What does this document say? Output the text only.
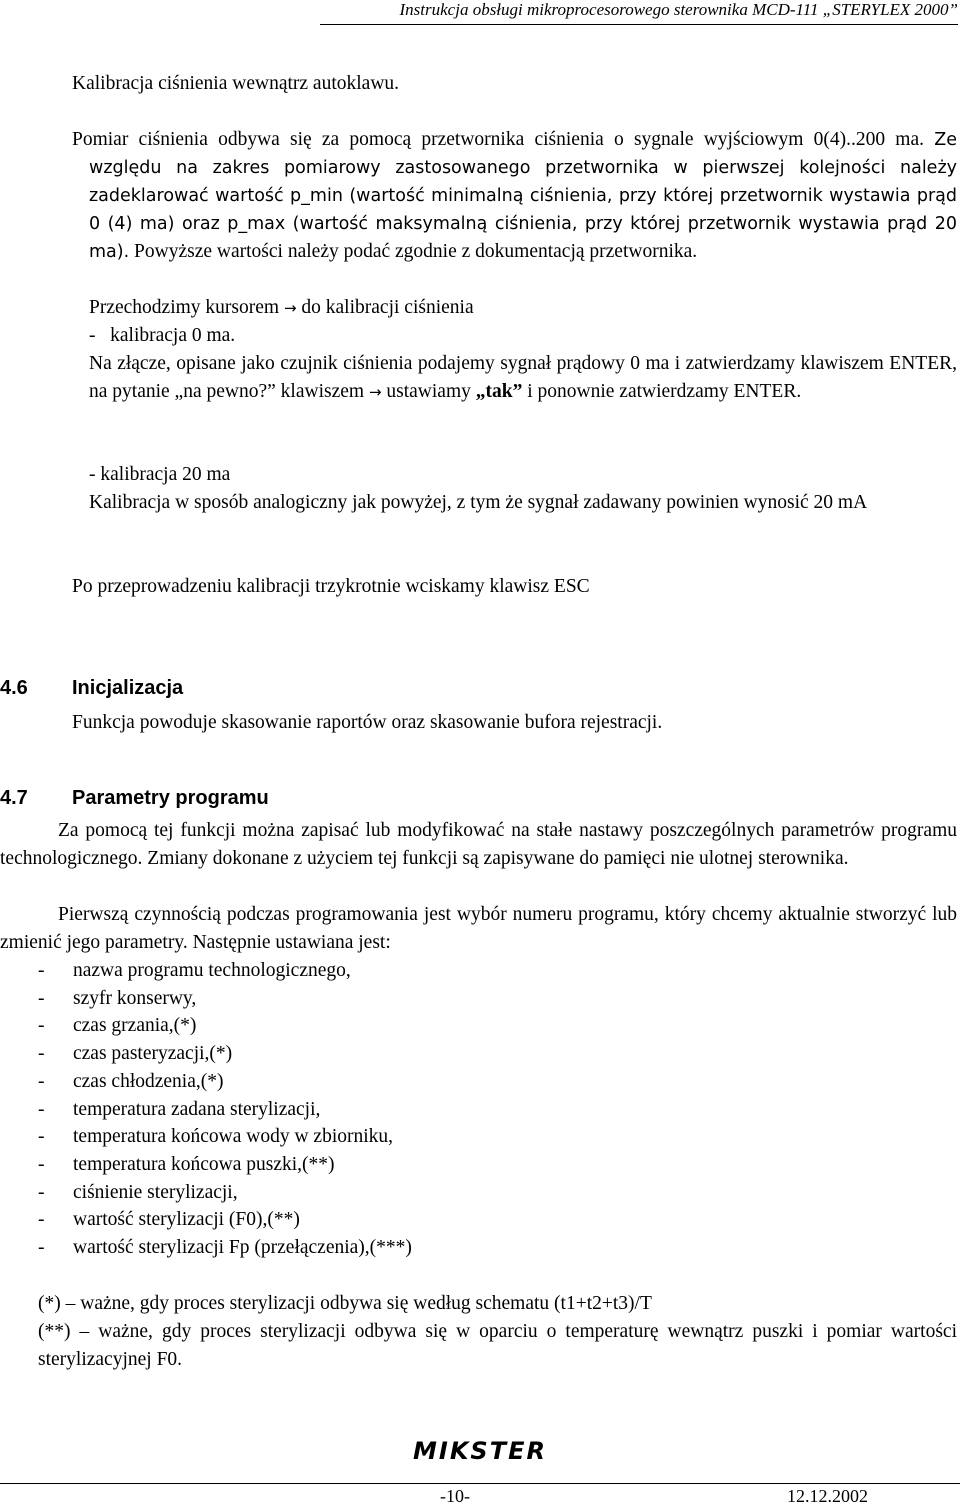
Instrukcja obsługi mikroprocesorowego sterownika MCD-111 „STERYLEX 2000”
Kalibracja ciśnienia wewnątrz autoklawu.
Pomiar ciśnienia odbywa się za pomocą przetwornika ciśnienia o sygnale wyjściowym 0(4)..200 ma. Ze względu na zakres pomiarowy zastosowanego przetwornika w pierwszej kolejności należy zadeklarować wartość p_min (wartość minimalną ciśnienia, przy której przetwornik wystawia prąd 0 (4) ma) oraz p_max (wartość maksymalną ciśnienia, przy której przetwornik wystawia prąd 20 ma). Powyższe wartości należy podać zgodnie z dokumentacją przetwornika.
Przechodzimy kursorem → do kalibracji ciśnienia
-   kalibracja 0 ma.
Na złącze, opisane jako czujnik ciśnienia podajemy sygnał prądowy 0 ma i zatwierdzamy klawiszem ENTER, na pytanie „na pewno?” klawiszem → ustawiamy „tak” i ponownie zatwierdzamy ENTER.
- kalibracja 20 ma
Kalibracja w sposób analogiczny jak powyżej, z tym że sygnał zadawany powinien wynosić 20 mA
Po przeprowadzeniu kalibracji trzykrotnie wciskamy klawisz ESC
4.6 Inicjalizacja
Funkcja powoduje skasowanie raportów oraz skasowanie bufora rejestracji.
4.7 Parametry programu
Za pomocą tej funkcji można zapisać lub modyfikować na stałe nastawy poszczególnych parametrów programu technologicznego. Zmiany dokonane z użyciem tej funkcji są zapisywane do pamięci nie ulotnej sterownika.
Pierwszą czynnością podczas programowania jest wybór numeru programu, który chcemy aktualnie stworzyć lub zmienić jego parametry. Następnie ustawiana jest:
-	nazwa programu technologicznego,
-	szyfr konserwy,
-	czas grzania,(*)
-	czas pasteryzacji,(*)
-	czas chłodzenia,(*)
-	temperatura zadana sterylizacji,
-	temperatura końcowa wody w zbiorniku,
-	temperatura końcowa puszki,(**)
-	ciśnienie sterylizacji,
-	wartość sterylizacji (F0),(**)
-	wartość sterylizacji Fp (przełączenia),(***)
(*) – ważne, gdy proces sterylizacji odbywa się według schematu (t1+t2+t3)/T
(**) – ważne, gdy proces sterylizacji odbywa się w oparciu o temperaturę wewnątrz puszki i pomiar wartości sterylizacyjnej F0.
MIKSTER
-10-	12.12.2002
